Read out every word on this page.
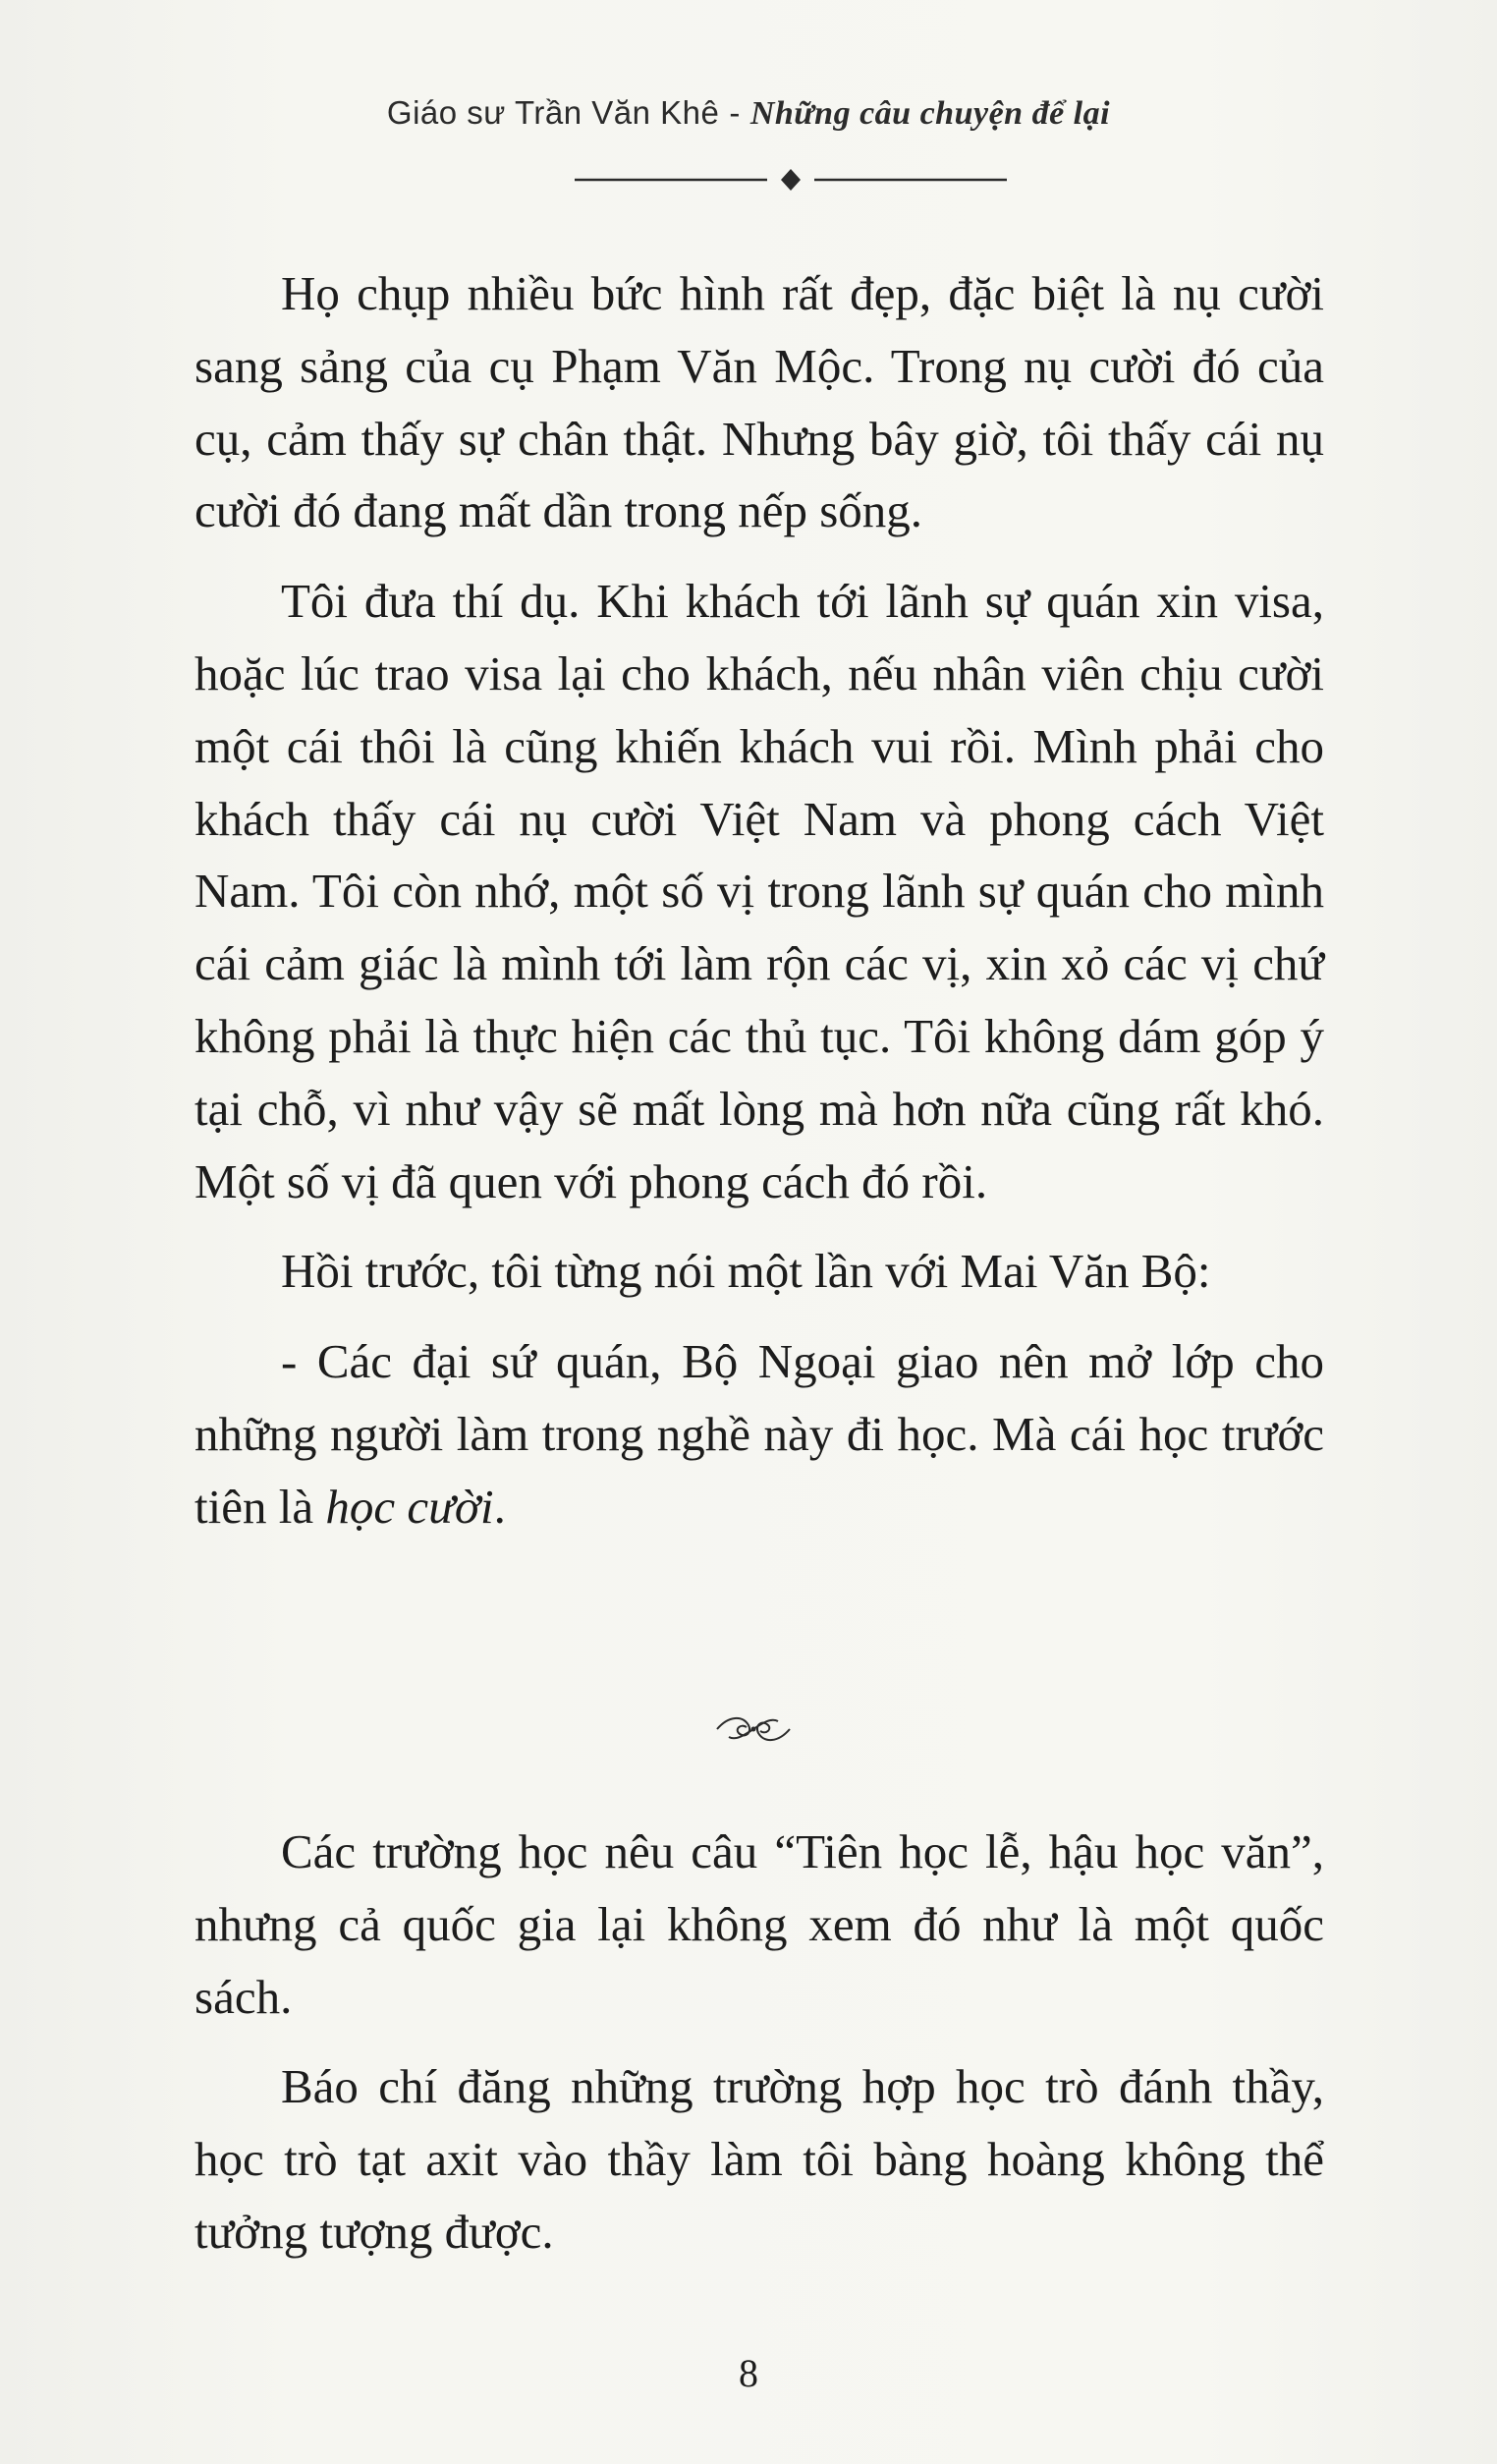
Giáo sư Trần Văn Khê - Những câu chuyện để lại

Họ chụp nhiều bức hình rất đẹp, đặc biệt là nụ cười sang sảng của cụ Phạm Văn Mộc. Trong nụ cười đó của cụ, cảm thấy sự chân thật. Nhưng bây giờ, tôi thấy cái nụ cười đó đang mất dần trong nếp sống.

Tôi đưa thí dụ. Khi khách tới lãnh sự quán xin visa, hoặc lúc trao visa lại cho khách, nếu nhân viên chịu cười một cái thôi là cũng khiến khách vui rồi. Mình phải cho khách thấy cái nụ cười Việt Nam và phong cách Việt Nam. Tôi còn nhớ, một số vị trong lãnh sự quán cho mình cái cảm giác là mình tới làm rộn các vị, xin xỏ các vị chứ không phải là thực hiện các thủ tục. Tôi không dám góp ý tại chỗ, vì như vậy sẽ mất lòng mà hơn nữa cũng rất khó. Một số vị đã quen với phong cách đó rồi.

Hồi trước, tôi từng nói một lần với Mai Văn Bộ:

- Các đại sứ quán, Bộ Ngoại giao nên mở lớp cho những người làm trong nghề này đi học. Mà cái học trước tiên là học cười.

Các trường học nêu câu “Tiên học lễ, hậu học văn”, nhưng cả quốc gia lại không xem đó như là một quốc sách.

Báo chí đăng những trường hợp học trò đánh thầy, học trò tạt axit vào thầy làm tôi bàng hoàng không thể tưởng tượng được.

8
